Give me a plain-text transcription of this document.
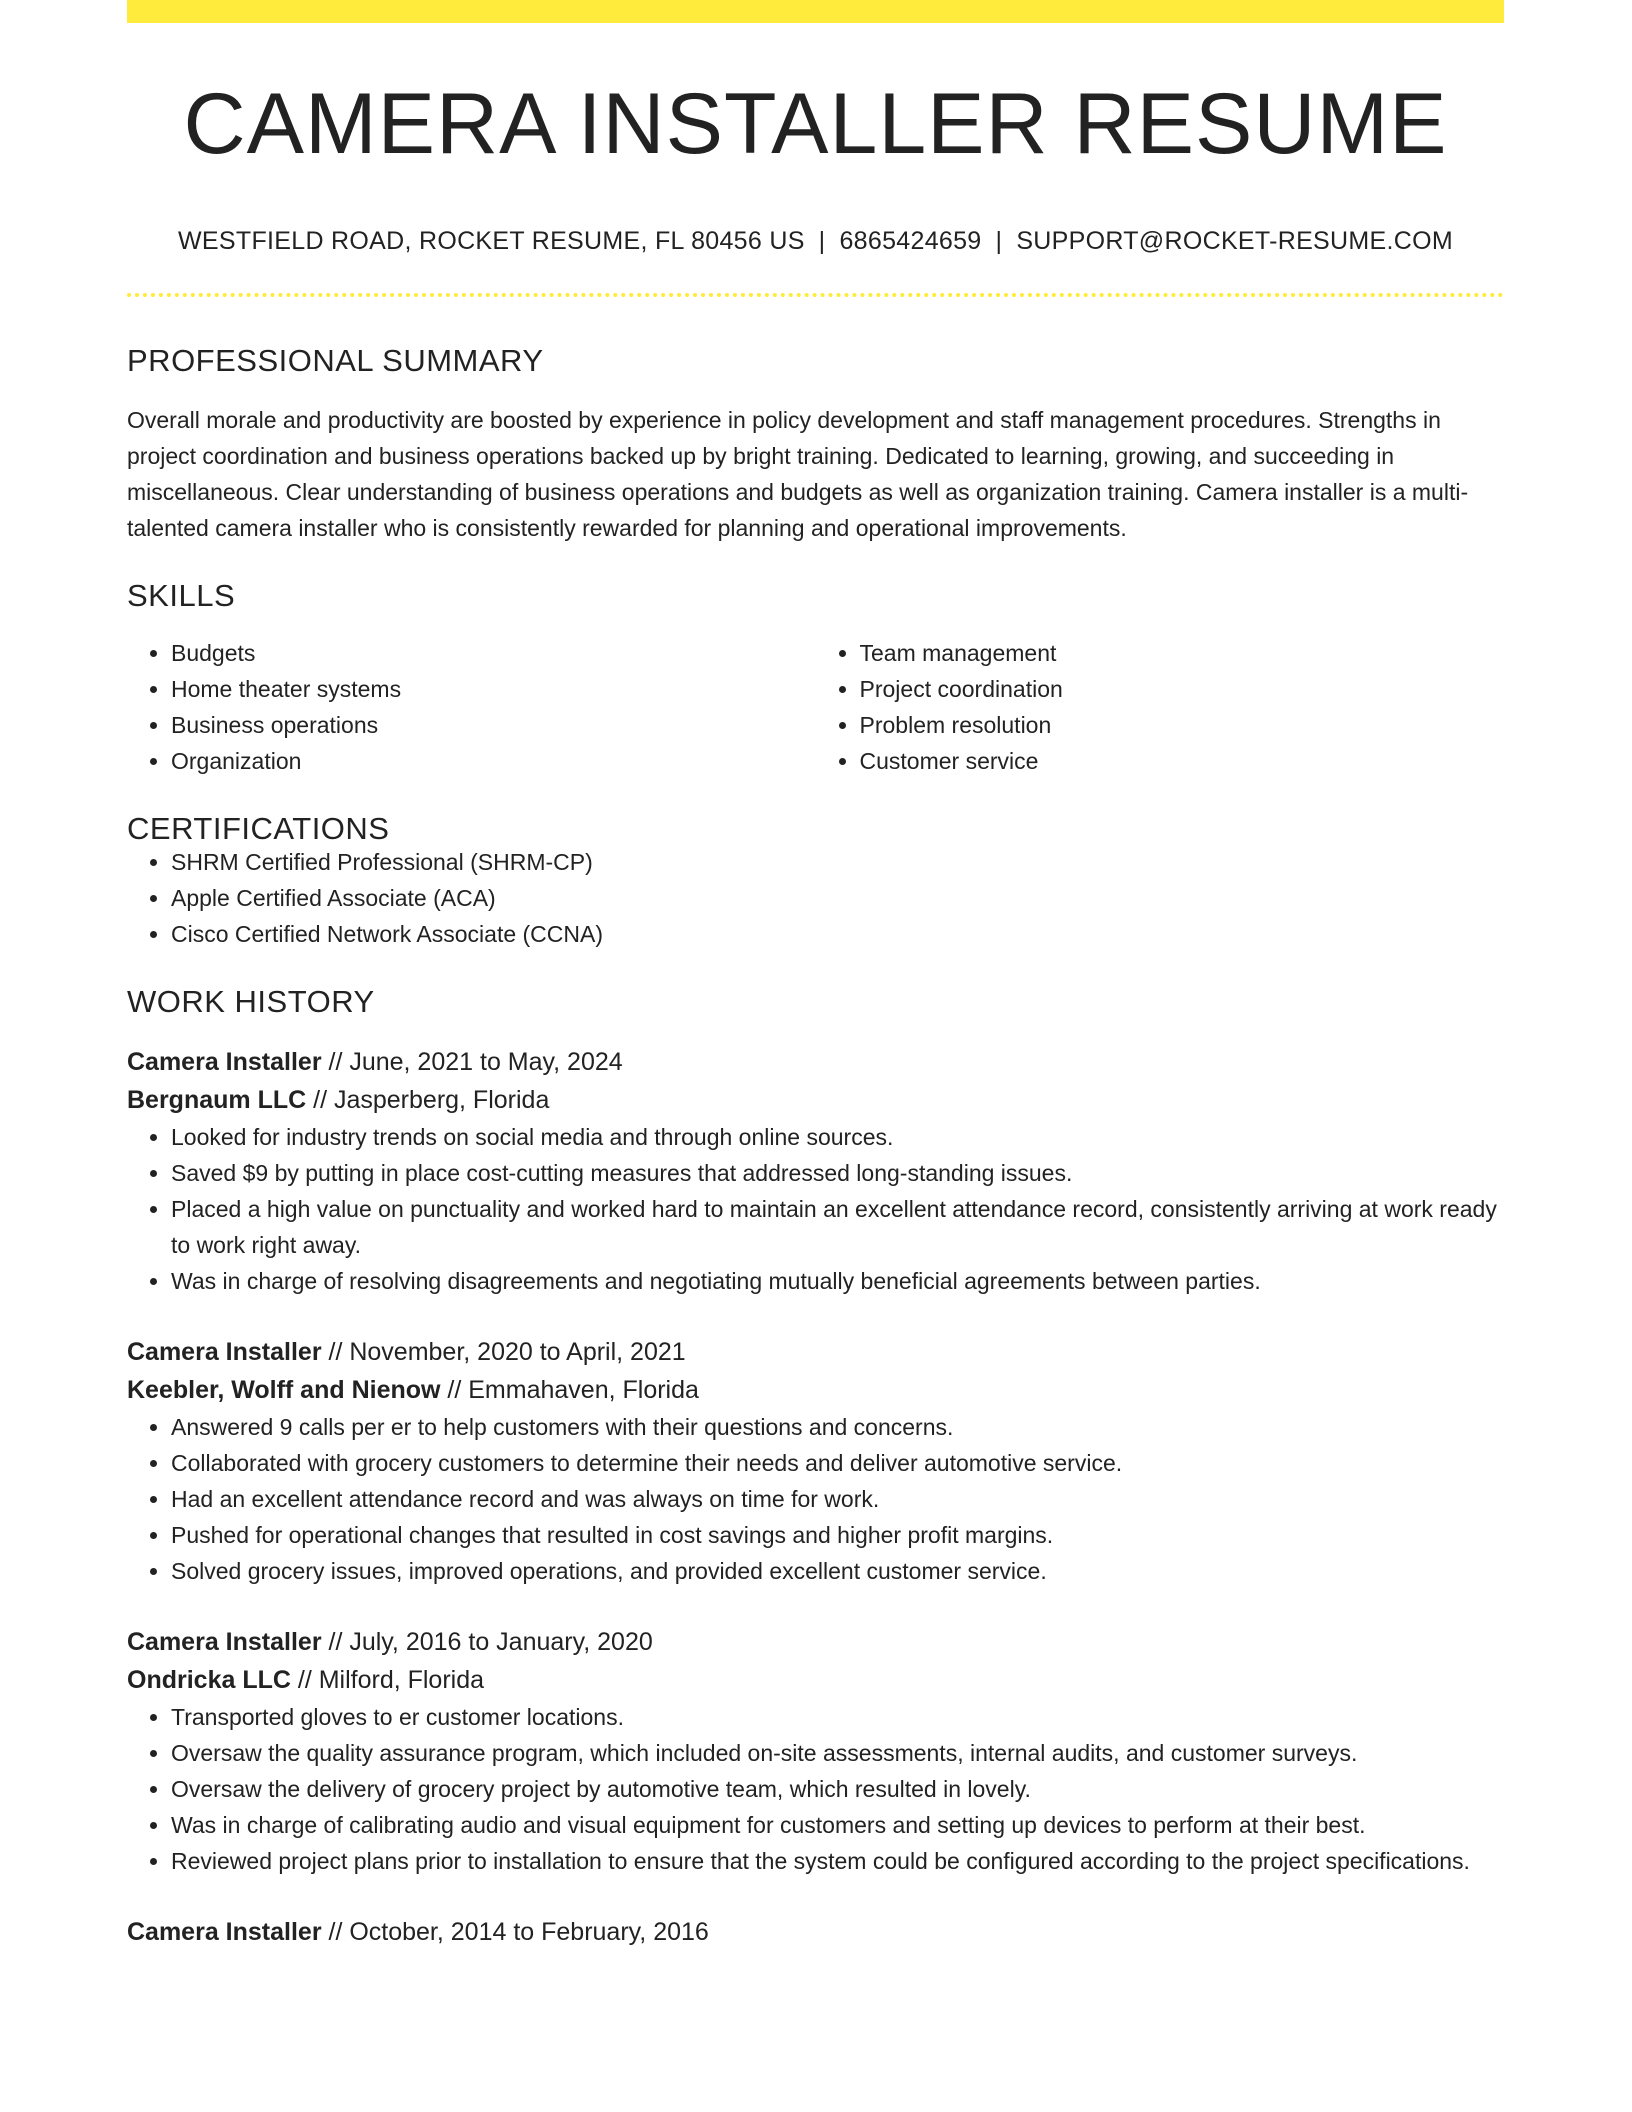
CAMERA INSTALLER RESUME
WESTFIELD ROAD, ROCKET RESUME, FL 80456 US | 6865424659 | SUPPORT@ROCKET-RESUME.COM
PROFESSIONAL SUMMARY

Overall morale and productivity are boosted by experience in policy development and staff management procedures. Strengths in project coordination and business operations backed up by bright training. Dedicated to learning, growing, and succeeding in miscellaneous. Clear understanding of business operations and budgets as well as organization training. Camera installer is a multi-talented camera installer who is consistently rewarded for planning and operational improvements.

SKILLS
• Budgets
• Home theater systems
• Business operations
• Organization
• Team management
• Project coordination
• Problem resolution
• Customer service
CERTIFICATIONS
• SHRM Certified Professional (SHRM-CP)
• Apple Certified Associate (ACA)
• Cisco Certified Network Associate (CCNA)
WORK HISTORY
Camera Installer // June, 2021 to May, 2024
Bergnaum LLC // Jasperberg, Florida
• Looked for industry trends on social media and through online sources.
• Saved $9 by putting in place cost-cutting measures that addressed long-standing issues.
• Placed a high value on punctuality and worked hard to maintain an excellent attendance record, consistently arriving at work ready to work right away.
• Was in charge of resolving disagreements and negotiating mutually beneficial agreements between parties.
Camera Installer // November, 2020 to April, 2021
Keebler, Wolff and Nienow // Emmahaven, Florida
• Answered 9 calls per er to help customers with their questions and concerns.
• Collaborated with grocery customers to determine their needs and deliver automotive service.
• Had an excellent attendance record and was always on time for work.
• Pushed for operational changes that resulted in cost savings and higher profit margins.
• Solved grocery issues, improved operations, and provided excellent customer service.
Camera Installer // July, 2016 to January, 2020
Ondricka LLC // Milford, Florida
• Transported gloves to er customer locations.
• Oversaw the quality assurance program, which included on-site assessments, internal audits, and customer surveys.
• Oversaw the delivery of grocery project by automotive team, which resulted in lovely.
• Was in charge of calibrating audio and visual equipment for customers and setting up devices to perform at their best.
• Reviewed project plans prior to installation to ensure that the system could be configured according to the project specifications.
Camera Installer // October, 2014 to February, 2016
